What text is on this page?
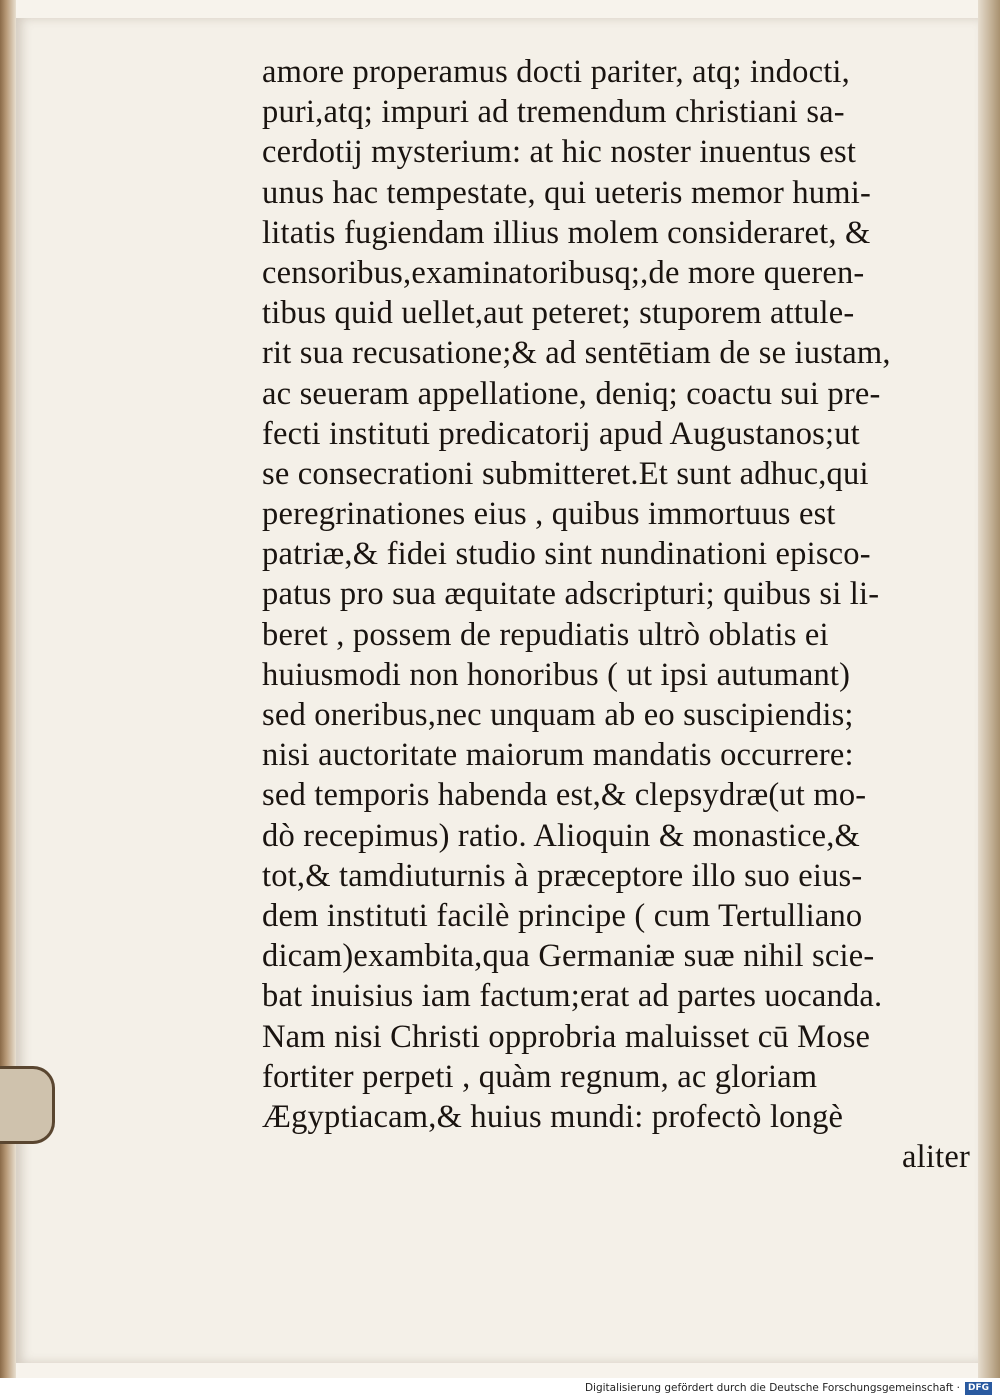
amore properamus docti pariter, atq; indocti,
puri,atq; impuri ad tremendum christiani sa-
cerdotij mysterium: at hic noster inuentus est
unus hac tempestate, qui ueteris memor humi-
litatis fugiendam illius molem consideraret, &
censoribus,examinatoribusq;,de more queren-
tibus quid uellet,aut peteret; stuporem attule-
rit sua recusatione;& ad sentētiam de se iustam,
ac seueram appellatione, deniq; coactu sui pre-
fecti instituti predicatorij apud Augustanos;ut
se consecrationi submitteret.Et sunt adhuc,qui
peregrinationes eius , quibus immortuus est
patriæ,& fidei studio sint nundinationi episco-
patus pro sua æquitate adscripturi; quibus si li-
beret , possem de repudiatis ultrò oblatis ei
huiusmodi non honoribus ( ut ipsi autumant)
sed oneribus,nec unquam ab eo suscipiendis;
nisi auctoritate maiorum mandatis occurrere:
sed temporis habenda est,& clepsydræ(ut mo-
dò recepimus) ratio. Alioquin & monastice,&
tot,& tamdiuturnis à præceptore illo suo eius-
dem instituti facilè principe ( cum Tertulliano
dicam)exambita,qua Germaniæ suæ nihil scie-
bat inuisius iam factum;erat ad partes uocanda.
Nam nisi Christi opprobria maluisset cū Mose
fortiter perpeti , quàm regnum, ac gloriam
Ægyptiacam,& huius mundi: profectò longè
aliter
Digitalisierung gefördert durch die Deutsche Forschungsgemeinschaft · DFG
